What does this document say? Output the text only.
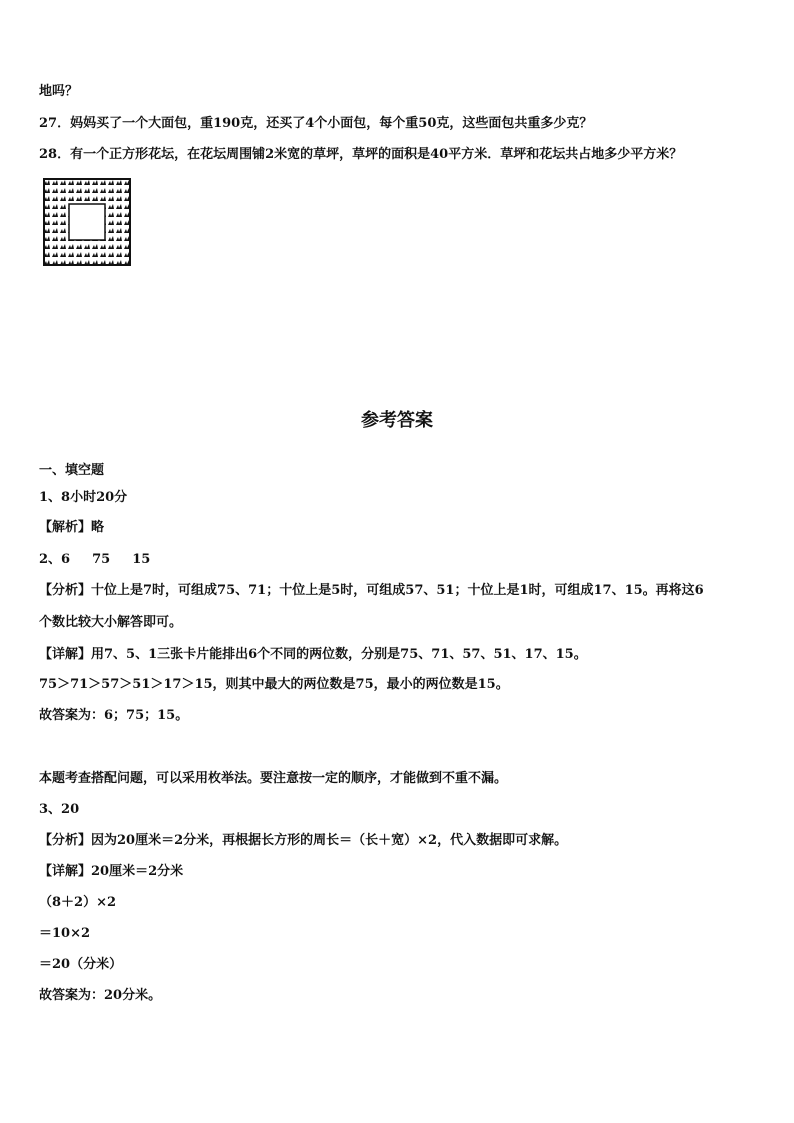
地吗？
27．妈妈买了一个大面包，重190克，还买了4个小面包，每个重50克，这些面包共重多少克？
28．有一个正方形花坛，在花坛周围铺2米宽的草坪，草坪的面积是40平方米．草坪和花坛共占地多少平方米？
参考答案
一、填空题
1、8小时20分
【解析】略
2、6 75 15
【分析】十位上是7时，可组成75、71；十位上是5时，可组成57、51；十位上是1时，可组成17、15。再将这6
个数比较大小解答即可。
【详解】用7、5、1三张卡片能排出6个不同的两位数，分别是75、71、57、51、17、15。
75＞71＞57＞51＞17＞15，则其中最大的两位数是75，最小的两位数是15。
故答案为：6；75；15。
本题考查搭配问题，可以采用枚举法。要注意按一定的顺序，才能做到不重不漏。
3、20
【分析】因为20厘米＝2分米，再根据长方形的周长＝（长＋宽）×2，代入数据即可求解。
【详解】20厘米＝2分米
（8＋2）×2
＝10×2
＝20（分米）
故答案为：20分米。
